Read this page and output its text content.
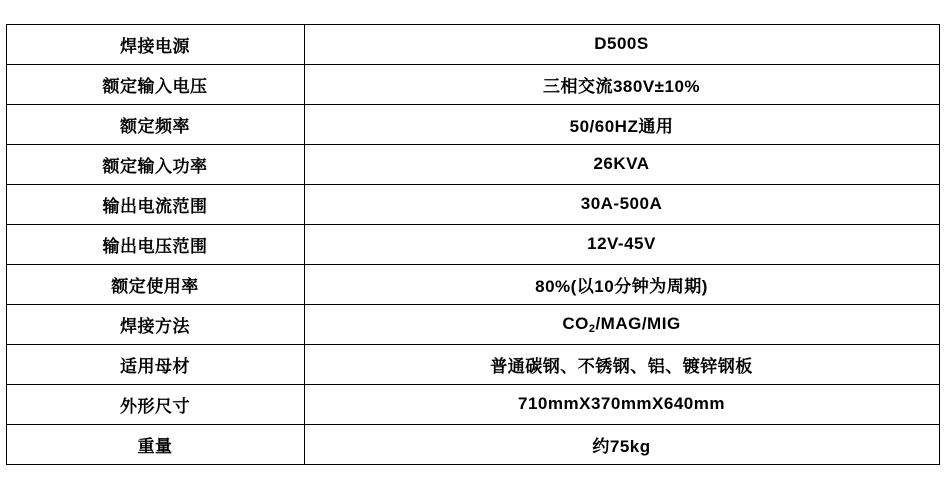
焊接电源	D500S
额定输入电压	三相交流380V±10%
额定频率	50/60HZ通用
额定输入功率	26KVA
输出电流范围	30A-500A
输出电压范围	12V-45V
额定使用率	80%(以10分钟为周期)
焊接方法	$CO_2/MAG$/MIG
适用母材	普通碳钢、不锈钢、铝、镀锌钢板
外形尺寸	710mmX370mmX640mm
重量	约75kg
